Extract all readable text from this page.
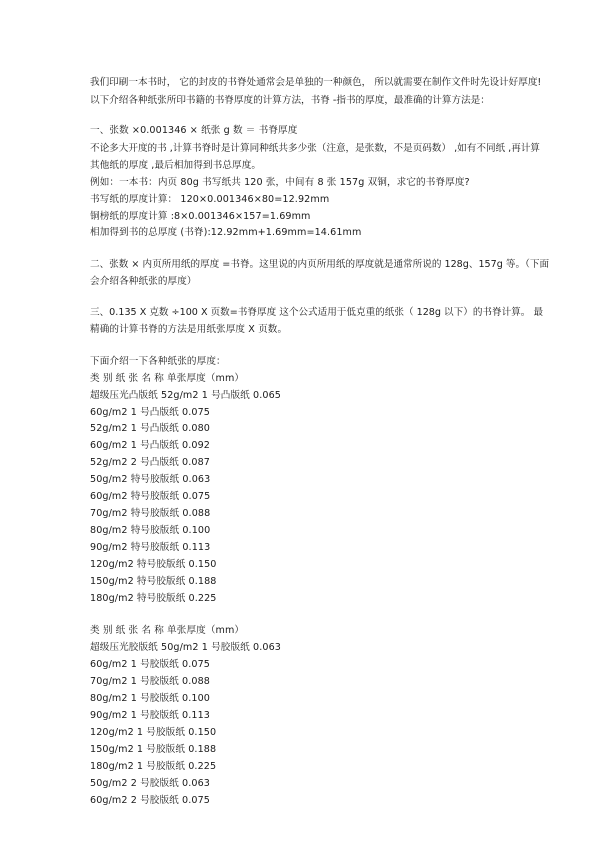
我们印刷一本书时， 它的封皮的书脊处通常会是单独的一种颜色， 所以就需要在制作文件时先设计好厚度!

以下介绍各种纸张所印书籍的书脊厚度的计算方法，书脊 -指书的厚度，最准确的计算方法是：

一、张数 ×0.001346 × 纸张 g 数 ＝ 书脊厚度

不论多大开度的书 ,计算书脊时是计算同种纸共多少张（注意，是张数，不是页码数） ,如有不同纸 ,再计算

其他纸的厚度 ,最后相加得到书总厚度。

例如：一本书：内页 80g 书写纸共 120 张，中间有 8 张 157g 双铜，求它的书脊厚度?

书写纸的厚度计算： 120×0.001346×80=12.92mm

铜榜纸的厚度计算 :8×0.001346×157=1.69mm

相加得到书的总厚度 (书脊):12.92mm+1.69mm=14.61mm

二、张数 × 内页所用纸的厚度 =书脊。这里说的内页所用纸的厚度就是通常所说的 128g、157g 等。（下面

会介绍各种纸张的厚度）

三、0.135 X 克数 ÷100 X 页数=书脊厚度 这个公式适用于低克重的纸张（ 128g 以下）的书脊计算。 最

精确的计算书脊的方法是用纸张厚度 X 页数。

下面介绍一下各种纸张的厚度：

类 别 纸 张 名 称 单张厚度（mm）

超级压光凸版纸 52g/m2 1 号凸版纸 0.065

60g/m2 1 号凸版纸 0.075

52g/m2 1 号凸版纸 0.080

60g/m2 1 号凸版纸 0.092

52g/m2 2 号凸版纸 0.087

50g/m2 特号胶版纸 0.063

60g/m2 特号胶版纸 0.075

70g/m2 特号胶版纸 0.088

80g/m2 特号胶版纸 0.100

90g/m2 特号胶版纸 0.113

120g/m2 特号胶版纸 0.150

150g/m2 特号胶版纸 0.188

180g/m2 特号胶版纸 0.225

类 别 纸 张 名 称 单张厚度（mm）

超级压光胶版纸 50g/m2 1 号胶版纸 0.063

60g/m2 1 号胶版纸 0.075

70g/m2 1 号胶版纸 0.088

80g/m2 1 号胶版纸 0.100

90g/m2 1 号胶版纸 0.113

120g/m2 1 号胶版纸 0.150

150g/m2 1 号胶版纸 0.188

180g/m2 1 号胶版纸 0.225

50g/m2 2 号胶版纸 0.063

60g/m2 2 号胶版纸 0.075
